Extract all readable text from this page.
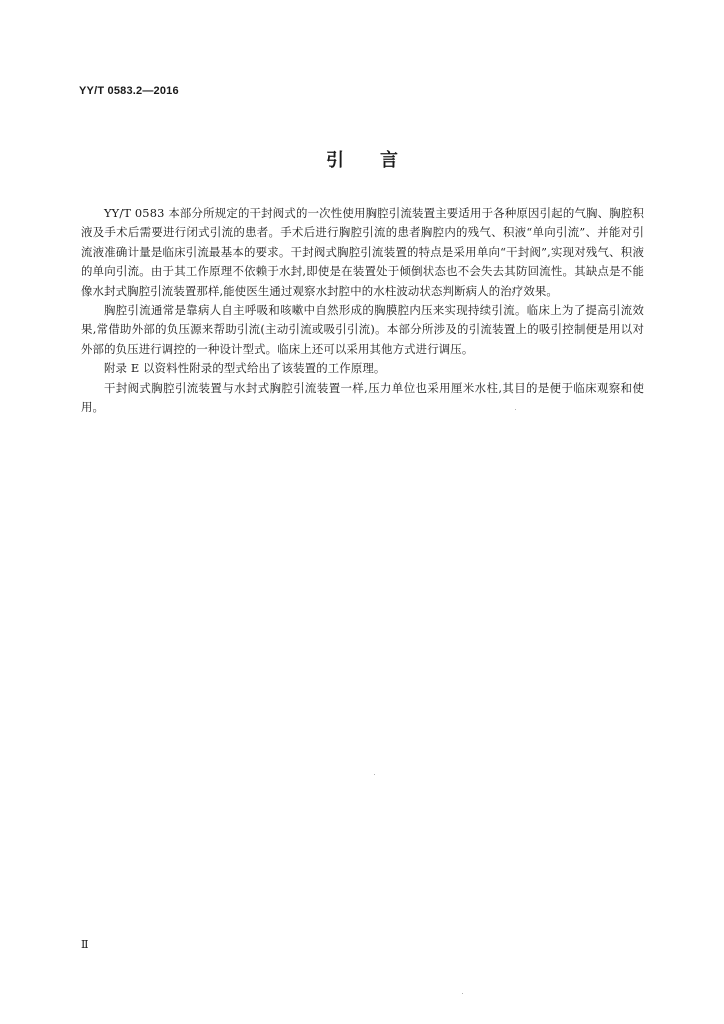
YY/T 0583.2—2016
引言

YY/T 0583 本部分所规定的干封阀式的一次性使用胸腔引流装置主要适用于各种原因引起的气胸、胸腔积液及手术后需要进行闭式引流的患者。手术后进行胸腔引流的患者胸腔内的残气、积液“单向引流”、并能对引流液准确计量是临床引流最基本的要求。干封阀式胸腔引流装置的特点是采用单向“干封阀”,实现对残气、积液的单向引流。由于其工作原理不依赖于水封,即使是在装置处于倾倒状态也不会失去其防回流性。其缺点是不能像水封式胸腔引流装置那样,能使医生通过观察水封腔中的水柱波动状态判断病人的治疗效果。

胸腔引流通常是靠病人自主呼吸和咳嗽中自然形成的胸膜腔内压来实现持续引流。临床上为了提高引流效果,常借助外部的负压源来帮助引流(主动引流或吸引引流)。本部分所涉及的引流装置上的吸引控制便是用以对外部的负压进行调控的一种设计型式。临床上还可以采用其他方式进行调压。

附录 E 以资料性附录的型式给出了该装置的工作原理。

干封阀式胸腔引流装置与水封式胸腔引流装置一样,压力单位也采用厘米水柱,其目的是便于临床观察和使用。

Ⅱ
